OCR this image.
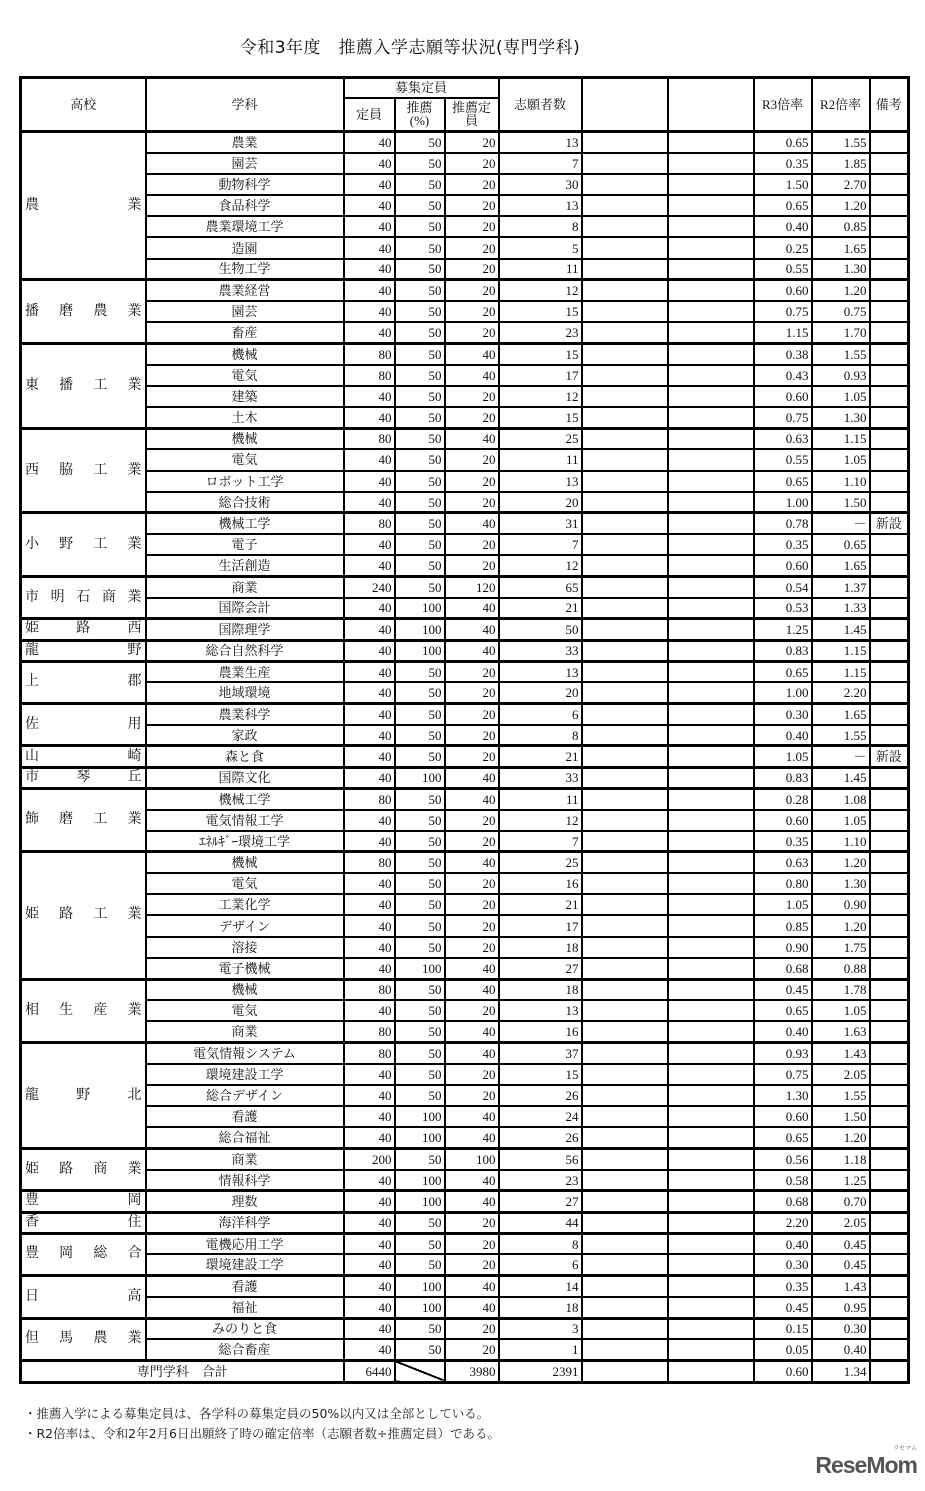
令和3年度　推薦入学志願等状況(専門学科)
高校	学科	募集定員			志願者数			R3倍率	R2倍率	備考
		定員	推薦(%)	推薦定員						
農業	農業	40	50	20	13			0.65	1.55	
	園芸	40	50	20	7			0.35	1.85	
	動物科学	40	50	20	30			1.50	2.70	
	食品科学	40	50	20	13			0.65	1.20	
	農業環境工学	40	50	20	8			0.40	0.85	
	造園	40	50	20	5			0.25	1.65	
	生物工学	40	50	20	11			0.55	1.30	
播磨農業	農業経営	40	50	20	12			0.60	1.20	
	園芸	40	50	20	15			0.75	0.75	
	畜産	40	50	20	23			1.15	1.70	
東播工業	機械	80	50	40	15			0.38	1.55	
	電気	80	50	40	17			0.43	0.93	
	建築	40	50	20	12			0.60	1.05	
	土木	40	50	20	15			0.75	1.30	
西脇工業	機械	80	50	40	25			0.63	1.15	
	電気	40	50	20	11			0.55	1.05	
	ロボット工学	40	50	20	13			0.65	1.10	
	総合技術	40	50	20	20			1.00	1.50	
小野工業	機械工学	80	50	40	31			0.78	－	新設
	電子	40	50	20	7			0.35	0.65	
	生活創造	40	50	20	12			0.60	1.65	
市明石商業	商業	240	50	120	65			0.54	1.37	
	国際会計	40	100	40	21			0.53	1.33	
姫路西	国際理学	40	100	40	50			1.25	1.45	
龍野	総合自然科学	40	100	40	33			0.83	1.15	
上郡	農業生産	40	50	20	13			0.65	1.15	
	地域環境	40	50	20	20			1.00	2.20	
佐用	農業科学	40	50	20	6			0.30	1.65	
	家政	40	50	20	8			0.40	1.55	
山崎	森と食	40	50	20	21			1.05	－	新設
市琴丘	国際文化	40	100	40	33			0.83	1.45	
飾磨工業	機械工学	80	50	40	11			0.28	1.08	
	電気情報工学	40	50	20	12			0.60	1.05	
	ｴﾈﾙｷﾞｰ環境工学	40	50	20	7			0.35	1.10	
姫路工業	機械	80	50	40	25			0.63	1.20	
	電気	40	50	20	16			0.80	1.30	
	工業化学	40	50	20	21			1.05	0.90	
	デザイン	40	50	20	17			0.85	1.20	
	溶接	40	50	20	18			0.90	1.75	
	電子機械	40	100	40	27			0.68	0.88	
相生産業	機械	80	50	40	18			0.45	1.78	
	電気	40	50	20	13			0.65	1.05	
	商業	80	50	40	16			0.40	1.63	
龍野北	電気情報システム	80	50	40	37			0.93	1.43	
	環境建設工学	40	50	20	15			0.75	2.05	
	総合デザイン	40	50	20	26			1.30	1.55	
	看護	40	100	40	24			0.60	1.50	
	総合福祉	40	100	40	26			0.65	1.20	
姫路商業	商業	200	50	100	56			0.56	1.18	
	情報科学	40	100	40	23			0.58	1.25	
豊岡	理数	40	100	40	27			0.68	0.70	
香住	海洋科学	40	50	20	44			2.20	2.05	
豊岡総合	電機応用工学	40	50	20	8			0.40	0.45	
	環境建設工学	40	50	20	6			0.30	0.45	
日高	看護	40	100	40	14			0.35	1.43	
	福祉	40	100	40	18			0.45	0.95	
但馬農業	みのりと食	40	50	20	3			0.15	0.30	
	総合畜産	40	50	20	1			0.05	0.40	
専門学科　合計		6440		3980	2391			0.60	1.34	
・推薦入学による募集定員は、各学科の募集定員の50%以内又は全部としている。
・R2倍率は、令和2年2月6日出願終了時の確定倍率（志願者数÷推薦定員）である。
リセマム
ReseMom
